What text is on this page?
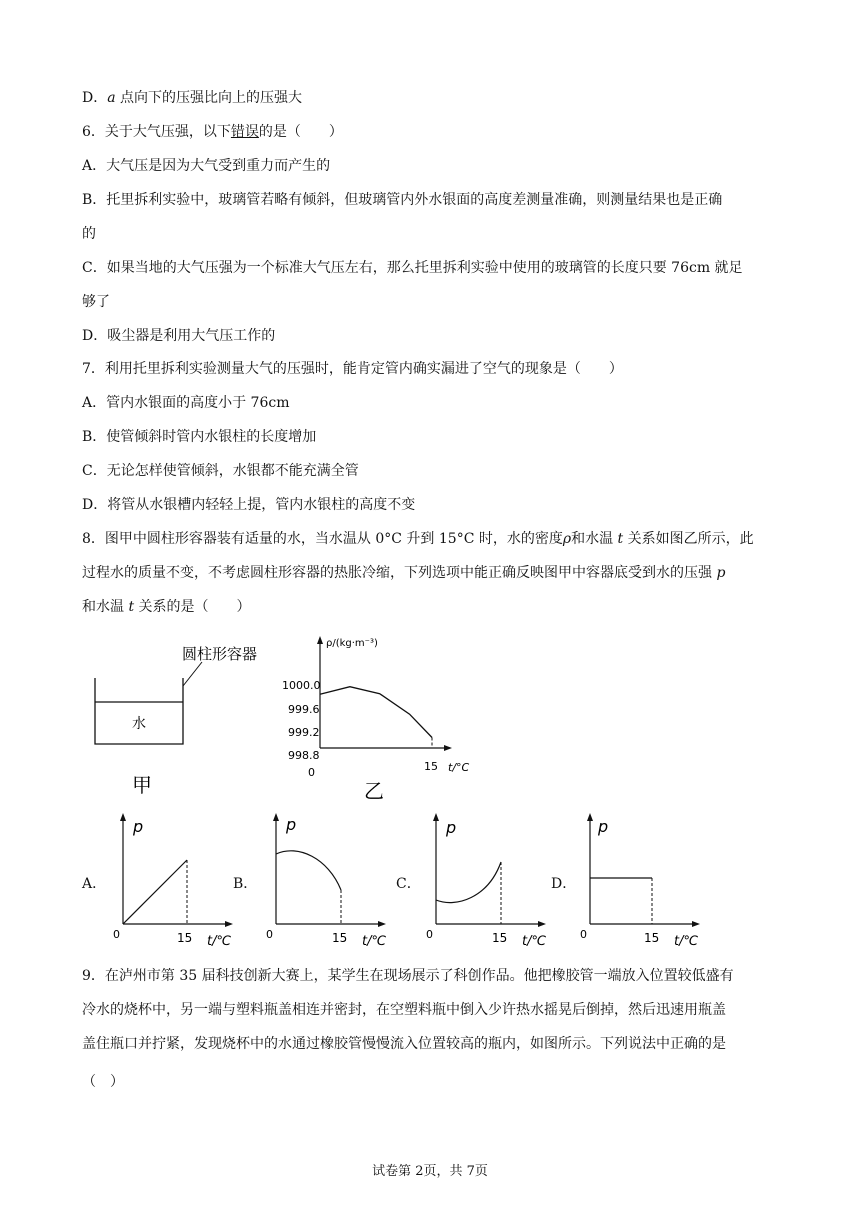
D．a 点向下的压强比向上的压强大
6．关于大气压强，以下错误的是（　　）
A．大气压是因为大气受到重力而产生的
B．托里拆利实验中，玻璃管若略有倾斜，但玻璃管内外水银面的高度差测量准确，则测量结果也是正确
的
C．如果当地的大气压强为一个标准大气压左右，那么托里拆利实验中使用的玻璃管的长度只要 76cm 就足
够了
D．吸尘器是利用大气压工作的
7．利用托里拆利实验测量大气的压强时，能肯定管内确实漏进了空气的现象是（　　）
A．管内水银面的高度小于 76cm
B．使管倾斜时管内水银柱的长度增加
C．无论怎样使管倾斜，水银都不能充满全管
D．将管从水银槽内轻轻上提，管内水银柱的高度不变
8．图甲中圆柱形容器装有适量的水，当水温从 0°C 升到 15°C 时，水的密度ρ和水温 t 关系如图乙所示，此
过程水的质量不变，不考虑圆柱形容器的热胀冷缩，下列选项中能正确反映图甲中容器底受到水的压强 p
和水温 t 关系的是（　　）
圆柱形容器
水
甲
ρ/(kg·m⁻³)
1000.0
999.6
999.2
998.8
0	15 t/°C
乙
A．
p
0	15 t/℃
B．
p
0	15 t/℃
C．
p
0	15 t/℃
D．
p
0	15 t/℃
9．在泸州市第 35 届科技创新大赛上，某学生在现场展示了科创作品。他把橡胶管一端放入位置较低盛有
冷水的烧杯中，另一端与塑料瓶盖相连并密封，在空塑料瓶中倒入少许热水摇晃后倒掉，然后迅速用瓶盖
盖住瓶口并拧紧，发现烧杯中的水通过橡胶管慢慢流入位置较高的瓶内，如图所示。下列说法中正确的是
（　）
试卷第 2页，共 7页
